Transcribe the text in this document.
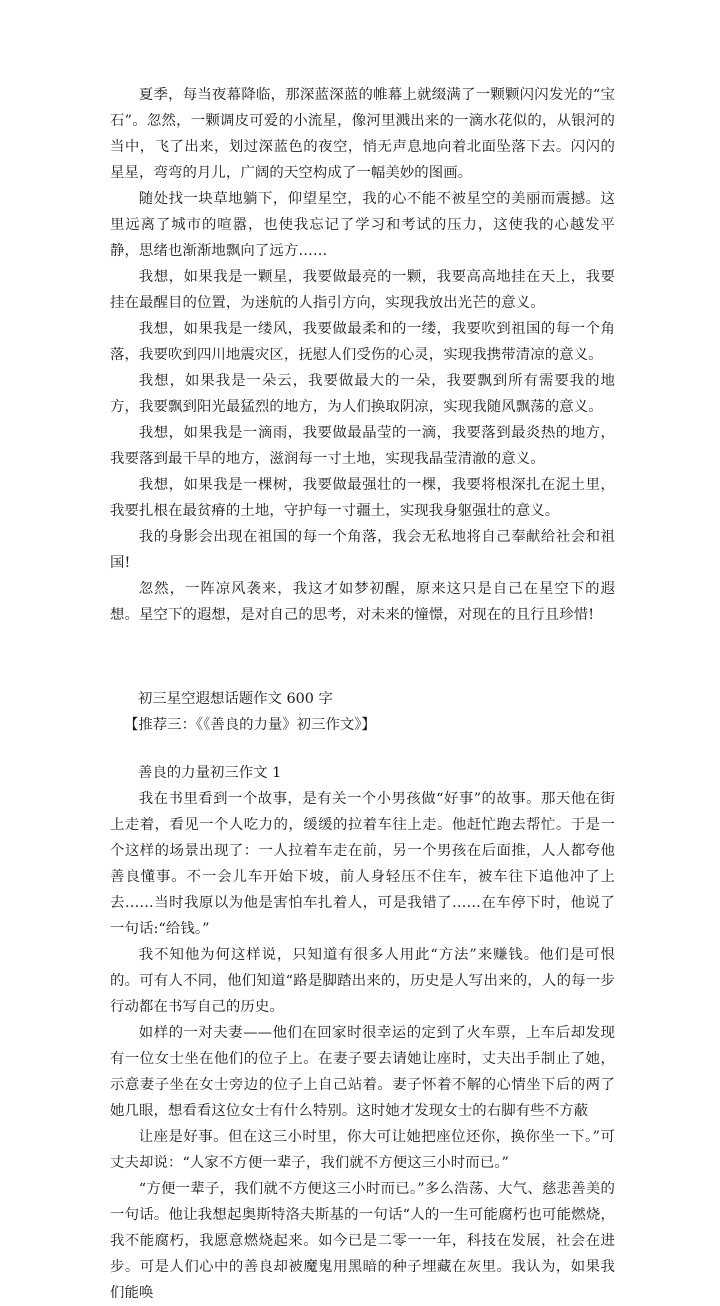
夏季，每当夜幕降临，那深蓝深蓝的帷幕上就缀满了一颗颗闪闪发光的“宝石”。忽然，一颗调皮可爱的小流星，像河里溅出来的一滴水花似的，从银河的当中，飞了出来，划过深蓝色的夜空，悄无声息地向着北面坠落下去。闪闪的星星，弯弯的月儿，广阔的天空构成了一幅美妙的图画。

随处找一块草地躺下，仰望星空，我的心不能不被星空的美丽而震撼。这里远离了城市的喧嚣，也使我忘记了学习和考试的压力，这使我的心越发平静，思绪也渐渐地飘向了远方……

我想，如果我是一颗星，我要做最亮的一颗，我要高高地挂在天上，我要挂在最醒目的位置，为迷航的人指引方向，实现我放出光芒的意义。

我想，如果我是一缕风，我要做最柔和的一缕，我要吹到祖国的每一个角落，我要吹到四川地震灾区，抚慰人们受伤的心灵，实现我携带清凉的意义。

我想，如果我是一朵云，我要做最大的一朵，我要飘到所有需要我的地方，我要飘到阳光最猛烈的地方，为人们换取阴凉，实现我随风飘荡的意义。

我想，如果我是一滴雨，我要做最晶莹的一滴，我要落到最炎热的地方，我要落到最干旱的地方，滋润每一寸土地，实现我晶莹清澈的意义。

我想，如果我是一棵树，我要做最强壮的一棵，我要将根深扎在泥土里，我要扎根在最贫瘠的土地，守护每一寸疆土，实现我身躯强壮的意义。

我的身影会出现在祖国的每一个角落，我会无私地将自己奉献给社会和祖国!

忽然，一阵凉风袭来，我这才如梦初醒，原来这只是自己在星空下的遐想。星空下的遐想，是对自己的思考，对未来的憧憬，对现在的且行且珍惜!

初三星空遐想话题作文 600 字

【推荐三：《《善良的力量》初三作文》】

善良的力量初三作文 1

我在书里看到一个故事，是有关一个小男孩做“好事”的故事。那天他在街上走着，看见一个人吃力的，缓缓的拉着车往上走。他赶忙跑去帮忙。于是一个这样的场景出现了：一人拉着车走在前，另一个男孩在后面推，人人都夸他善良懂事。不一会儿车开始下坡，前人身轻压不住车，被车往下追他冲了上去……当时我原以为他是害怕车扎着人，可是我错了……在车停下时，他说了一句话:“给钱。”

我不知他为何这样说，只知道有很多人用此“方法”来赚钱。他们是可恨的。可有人不同，他们知道“路是脚踏出来的，历史是人写出来的，人的每一步行动都在书写自己的历史。

如样的一对夫妻——他们在回家时很幸运的定到了火车票，上车后却发现有一位女士坐在他们的位子上。在妻子要去请她让座时，丈夫出手制止了她，示意妻子坐在女士旁边的位子上自己站着。妻子怀着不解的心情坐下后的两了她几眼，想看看这位女士有什么特别。这时她才发现女士的右脚有些不方蔽

让座是好事。但在这三小时里，你大可让她把座位还你，换你坐一下。”可丈夫却说：“人家不方便一辈子，我们就不方便这三小时而已。”

“方便一辈子，我们就不方便这三小时而已。”多么浩荡、大气、慈悲善美的一句话。他让我想起奥斯特洛夫斯基的一句话“人的一生可能腐朽也可能燃烧，我不能腐朽，我愿意燃烧起来。如今已是二零一一年，科技在发展，社会在进步。可是人们心中的善良却被魔鬼用黑暗的种子埋藏在灰里。我认为，如果我们能唤
